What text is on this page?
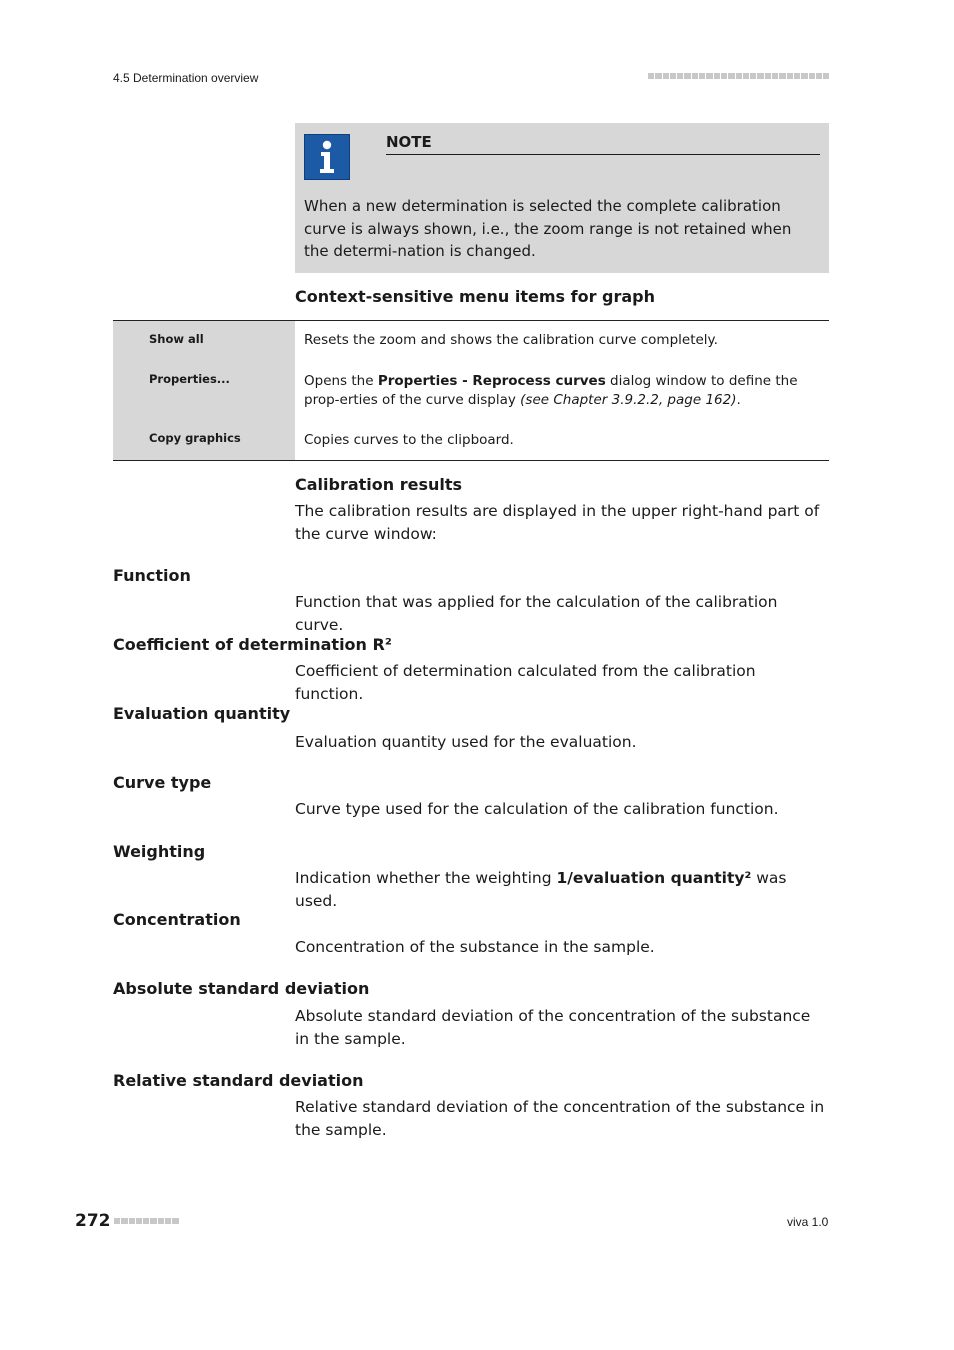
4.5 Determination overview
NOTE
When a new determination is selected the complete calibration curve is always shown, i.e., the zoom range is not retained when the determi-nation is changed.
Context-sensitive menu items for graph
Show all	Resets the zoom and shows the calibration curve completely.
Properties...	Opens the Properties - Reprocess curves dialog window to define the prop-erties of the curve display (see Chapter 3.9.2.2, page 162).
Copy graphics	Copies curves to the clipboard.
Calibration results
The calibration results are displayed in the upper right-hand part of the curve window:
Function
Function that was applied for the calculation of the calibration curve.
Coefficient of determination R²
Coefficient of determination calculated from the calibration function.
Evaluation quantity
Evaluation quantity used for the evaluation.
Curve type
Curve type used for the calculation of the calibration function.
Weighting
Indication whether the weighting 1/evaluation quantity² was used.
Concentration
Concentration of the substance in the sample.
Absolute standard deviation
Absolute standard deviation of the concentration of the substance in the sample.
Relative standard deviation
Relative standard deviation of the concentration of the substance in the sample.
272	viva 1.0
